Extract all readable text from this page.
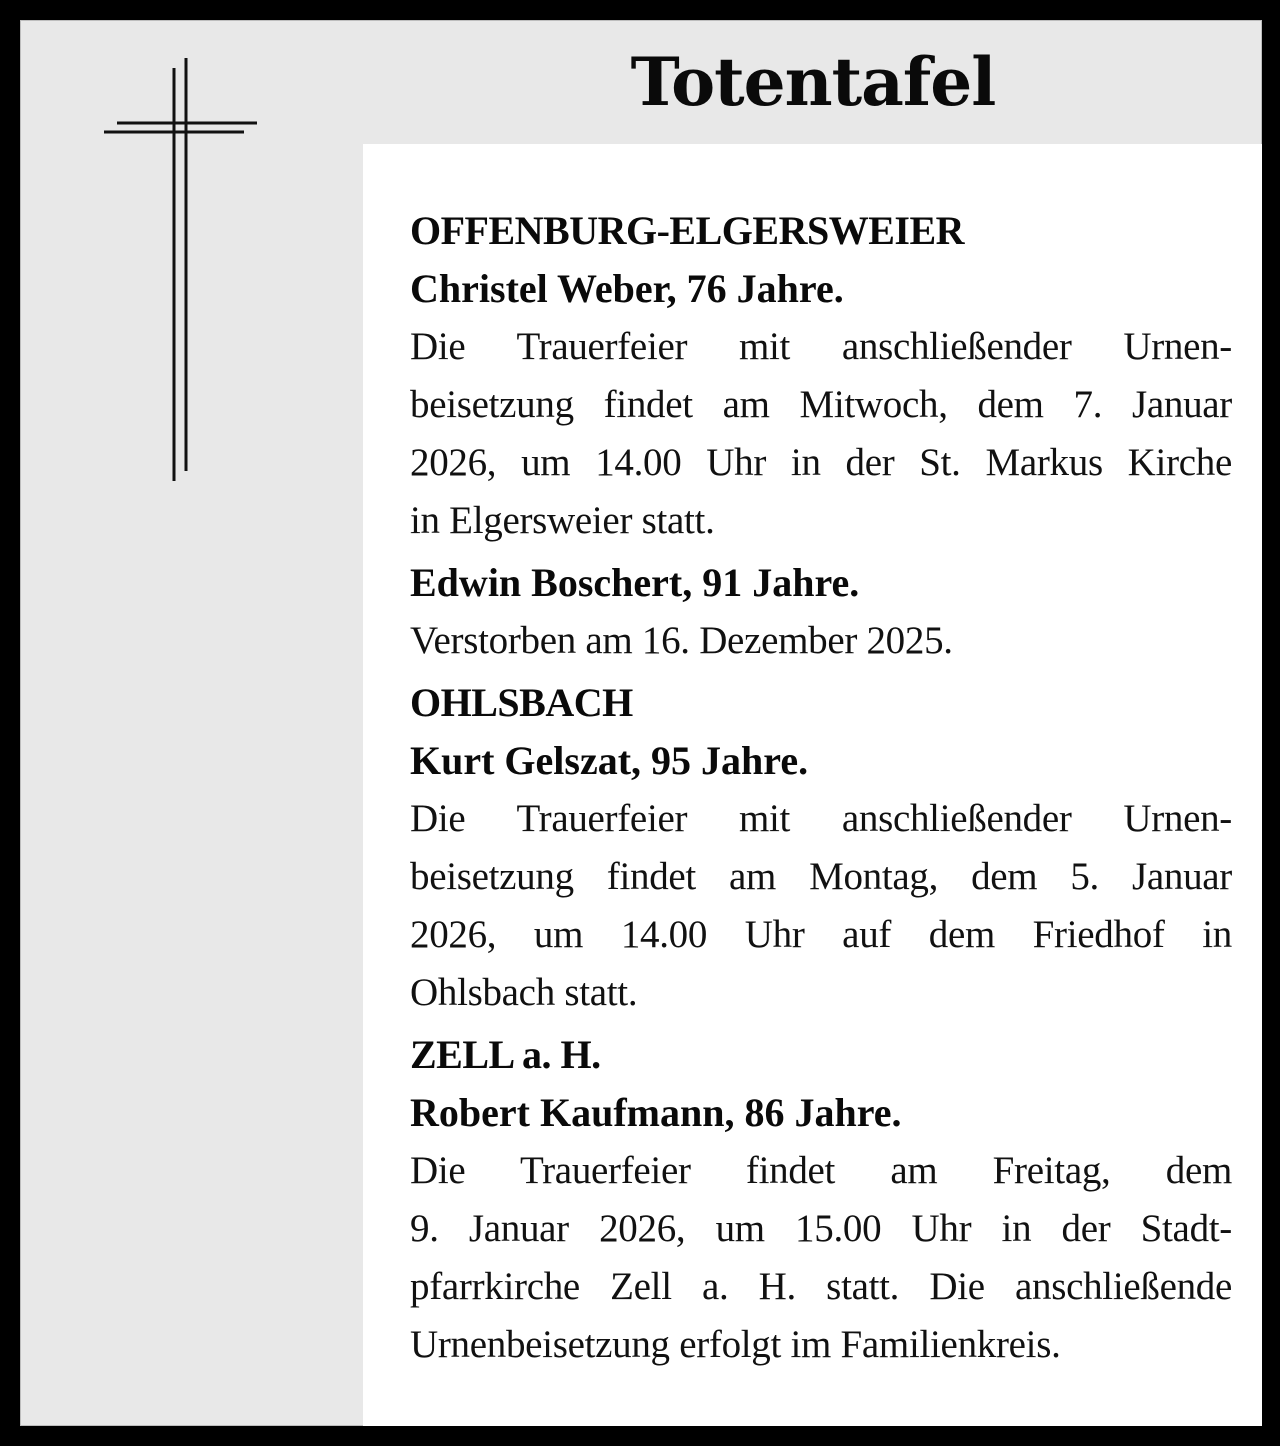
Totentafel
OFFENBURG-ELGERSWEIER
Christel Weber, 76 Jahre.
Die Trauerfeier mit anschließender Urnen-
beisetzung findet am Mitwoch, dem 7. Januar
2026, um 14.00 Uhr in der St. Markus Kirche
in Elgersweier statt.
Edwin Boschert, 91 Jahre.
Verstorben am 16. Dezember 2025.
OHLSBACH
Kurt Gelszat, 95 Jahre.
Die Trauerfeier mit anschließender Urnen-
beisetzung findet am Montag, dem 5. Januar
2026, um 14.00 Uhr auf dem Friedhof in
Ohlsbach statt.
ZELL a. H.
Robert Kaufmann, 86 Jahre.
Die Trauerfeier findet am Freitag, dem
9. Januar 2026, um 15.00 Uhr in der Stadt-
pfarrkirche Zell a. H. statt. Die anschließende
Urnenbeisetzung erfolgt im Familienkreis.
